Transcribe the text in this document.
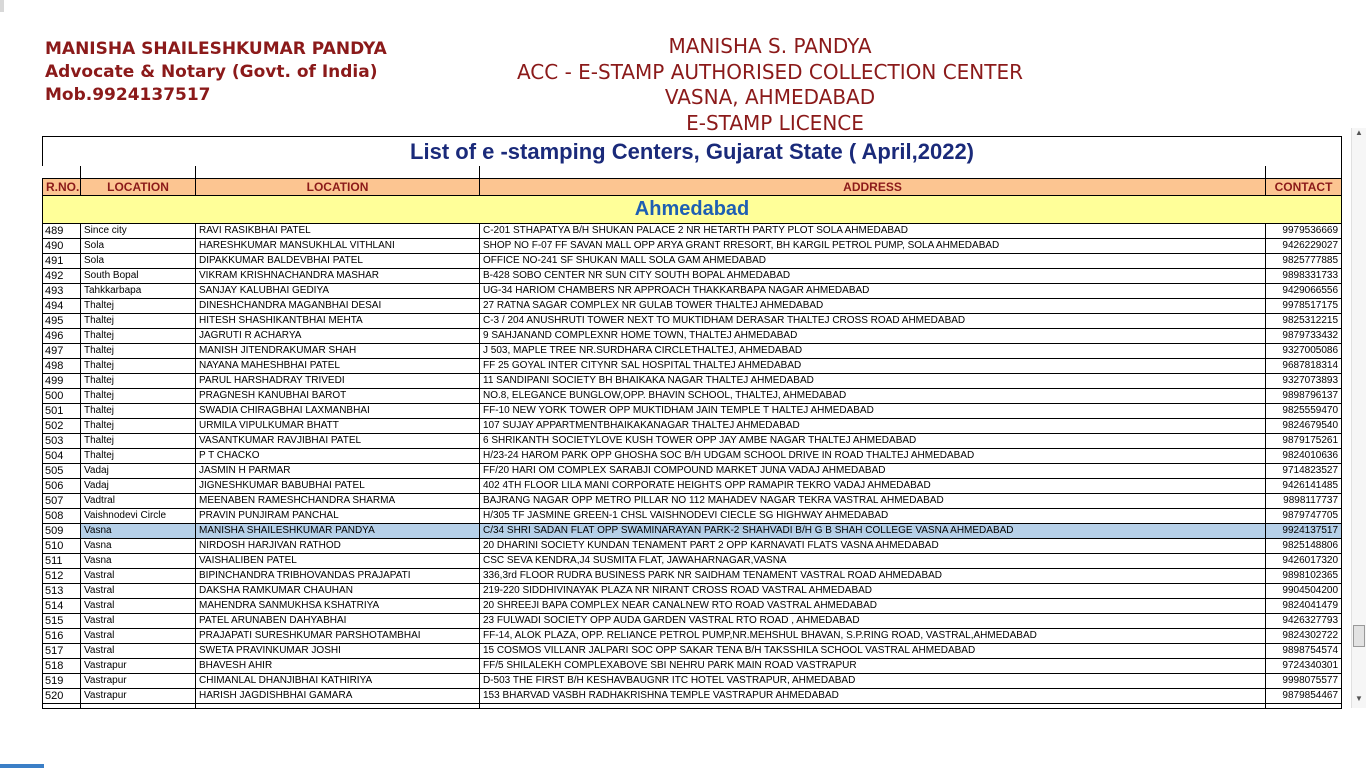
MANISHA SHAILESHKUMAR PANDYA
Advocate & Notary (Govt. of India)
Mob.9924137517
MANISHA S. PANDYA
ACC - E-STAMP AUTHORISED COLLECTION CENTER
VASNA, AHMEDABAD
E-STAMP LICENCE
List of e -stamping Centers, Gujarat State ( April,2022)				

R.NO.	LOCATION	LOCATION	ADDRESS	CONTACT
Ahmedabad				
489	Since city	RAVI RASIKBHAI PATEL	C-201 STHAPATYA B/H SHUKAN PALACE 2 NR HETARTH PARTY PLOT SOLA AHMEDABAD	9979536669
490	Sola	HARESHKUMAR MANSUKHLAL VITHLANI	SHOP NO F-07 FF SAVAN MALL OPP ARYA GRANT RRESORT, BH KARGIL PETROL PUMP, SOLA AHMEDABAD	9426229027
491	Sola	DIPAKKUMAR BALDEVBHAI PATEL	OFFICE NO-241 SF SHUKAN MALL SOLA GAM AHMEDABAD	9825777885
492	South Bopal	VIKRAM KRISHNACHANDRA MASHAR	B-428 SOBO CENTER NR SUN CITY SOUTH BOPAL AHMEDABAD	9898331733
493	Tahkkarbapa	SANJAY KALUBHAI GEDIYA	UG-34 HARIOM CHAMBERS NR APPROACH THAKKARBAPA NAGAR AHMEDABAD	9429066556
494	Thaltej	DINESHCHANDRA MAGANBHAI DESAI	27 RATNA SAGAR COMPLEX NR GULAB TOWER THALTEJ AHMEDABAD	9978517175
495	Thaltej	HITESH SHASHIKANTBHAI MEHTA	C-3 / 204 ANUSHRUTI TOWER NEXT TO MUKTIDHAM DERASAR THALTEJ CROSS ROAD AHMEDABAD	9825312215
496	Thaltej	JAGRUTI R ACHARYA	9 SAHJANAND COMPLEXNR HOME TOWN, THALTEJ AHMEDABAD	9879733432
497	Thaltej	MANISH JITENDRAKUMAR SHAH	J 503, MAPLE TREE NR.SURDHARA CIRCLETHALTEJ, AHMEDABAD	9327005086
498	Thaltej	NAYANA MAHESHBHAI PATEL	FF 25 GOYAL INTER CITYNR SAL HOSPITAL THALTEJ AHMEDABAD	9687818314
499	Thaltej	PARUL HARSHADRAY TRIVEDI	11 SANDIPANI SOCIETY BH BHAIKAKA NAGAR THALTEJ AHMEDABAD	9327073893
500	Thaltej	PRAGNESH KANUBHAI BAROT	NO.8, ELEGANCE BUNGLOW,OPP. BHAVIN SCHOOL, THALTEJ, AHMEDABAD	9898796137
501	Thaltej	SWADIA CHIRAGBHAI LAXMANBHAI	FF-10 NEW YORK TOWER OPP MUKTIDHAM JAIN TEMPLE T HALTEJ AHMEDABAD	9825559470
502	Thaltej	URMILA VIPULKUMAR BHATT	107 SUJAY APPARTMENTBHAIKAKANAGAR THALTEJ AHMEDABAD	9824679540
503	Thaltej	VASANTKUMAR RAVJIBHAI PATEL	6 SHRIKANTH SOCIETYLOVE KUSH TOWER OPP JAY AMBE NAGAR THALTEJ AHMEDABAD	9879175261
504	Thaltej	P T CHACKO	H/23-24 HAROM PARK OPP GHOSHA SOC B/H UDGAM SCHOOL DRIVE IN ROAD THALTEJ AHMEDABAD	9824010636
505	Vadaj	JASMIN H PARMAR	FF/20 HARI OM COMPLEX SARABJI COMPOUND MARKET JUNA VADAJ AHMEDABAD	9714823527
506	Vadaj	JIGNESHKUMAR BABUBHAI PATEL	402 4TH FLOOR LILA MANI CORPORATE HEIGHTS OPP RAMAPIR TEKRO VADAJ AHMEDABAD	9426141485
507	Vadtral	MEENABEN RAMESHCHANDRA SHARMA	BAJRANG NAGAR OPP METRO PILLAR NO 112 MAHADEV NAGAR TEKRA VASTRAL AHMEDABAD	9898117737
508	Vaishnodevi Circle	PRAVIN PUNJIRAM PANCHAL	H/305 TF JASMINE GREEN-1 CHSL VAISHNODEVI CIECLE SG HIGHWAY AHMEDABAD	9879747705
509	Vasna	MANISHA SHAILESHKUMAR PANDYA	C/34 SHRI SADAN FLAT OPP SWAMINARAYAN PARK-2 SHAHVADI B/H G B SHAH COLLEGE VASNA AHMEDABAD	9924137517
510	Vasna	NIRDOSH HARJIVAN RATHOD	20 DHARINI SOCIETY KUNDAN TENAMENT PART 2 OPP KARNAVATI FLATS VASNA AHMEDABAD	9825148806
511	Vasna	VAISHALIBEN PATEL	CSC SEVA KENDRA,J4 SUSMITA FLAT, JAWAHARNAGAR,VASNA	9426017320
512	Vastral	BIPINCHANDRA TRIBHOVANDAS PRAJAPATI	336,3rd FLOOR RUDRA BUSINESS PARK NR SAIDHAM TENAMENT VASTRAL ROAD AHMEDABAD	9898102365
513	Vastral	DAKSHA RAMKUMAR CHAUHAN	219-220 SIDDHIVINAYAK PLAZA NR NIRANT CROSS ROAD VASTRAL AHMEDABAD	9904504200
514	Vastral	MAHENDRA SANMUKHSA KSHATRIYA	20 SHREEJI BAPA COMPLEX NEAR CANALNEW RTO ROAD VASTRAL AHMEDABAD	9824041479
515	Vastral	PATEL ARUNABEN DAHYABHAI	23 FULWADI SOCIETY OPP AUDA GARDEN VASTRAL RTO ROAD , AHMEDABAD	9426327793
516	Vastral	PRAJAPATI SURESHKUMAR PARSHOTAMBHAI	FF-14, ALOK PLAZA, OPP. RELIANCE PETROL PUMP,NR.MEHSHUL BHAVAN, S.P.RING ROAD, VASTRAL,AHMEDABAD	9824302722
517	Vastral	SWETA PRAVINKUMAR JOSHI	15 COSMOS VILLANR JALPARI SOC OPP SAKAR TENA B/H TAKSSHILA SCHOOL VASTRAL AHMEDABAD	9898754574
518	Vastrapur	BHAVESH AHIR	FF/5 SHILALEKH COMPLEXABOVE SBI NEHRU PARK MAIN ROAD VASTRAPUR	9724340301
519	Vastrapur	CHIMANLAL DHANJIBHAI KATHIRIYA	D-503 THE FIRST B/H KESHAVBAUGNR ITC HOTEL VASTRAPUR, AHMEDABAD	9998075577
520	Vastrapur	HARISH JAGDISHBHAI GAMARA	153 BHARVAD VASBH RADHAKRISHNA TEMPLE VASTRAPUR AHMEDABAD	9879854467

▲
▼
